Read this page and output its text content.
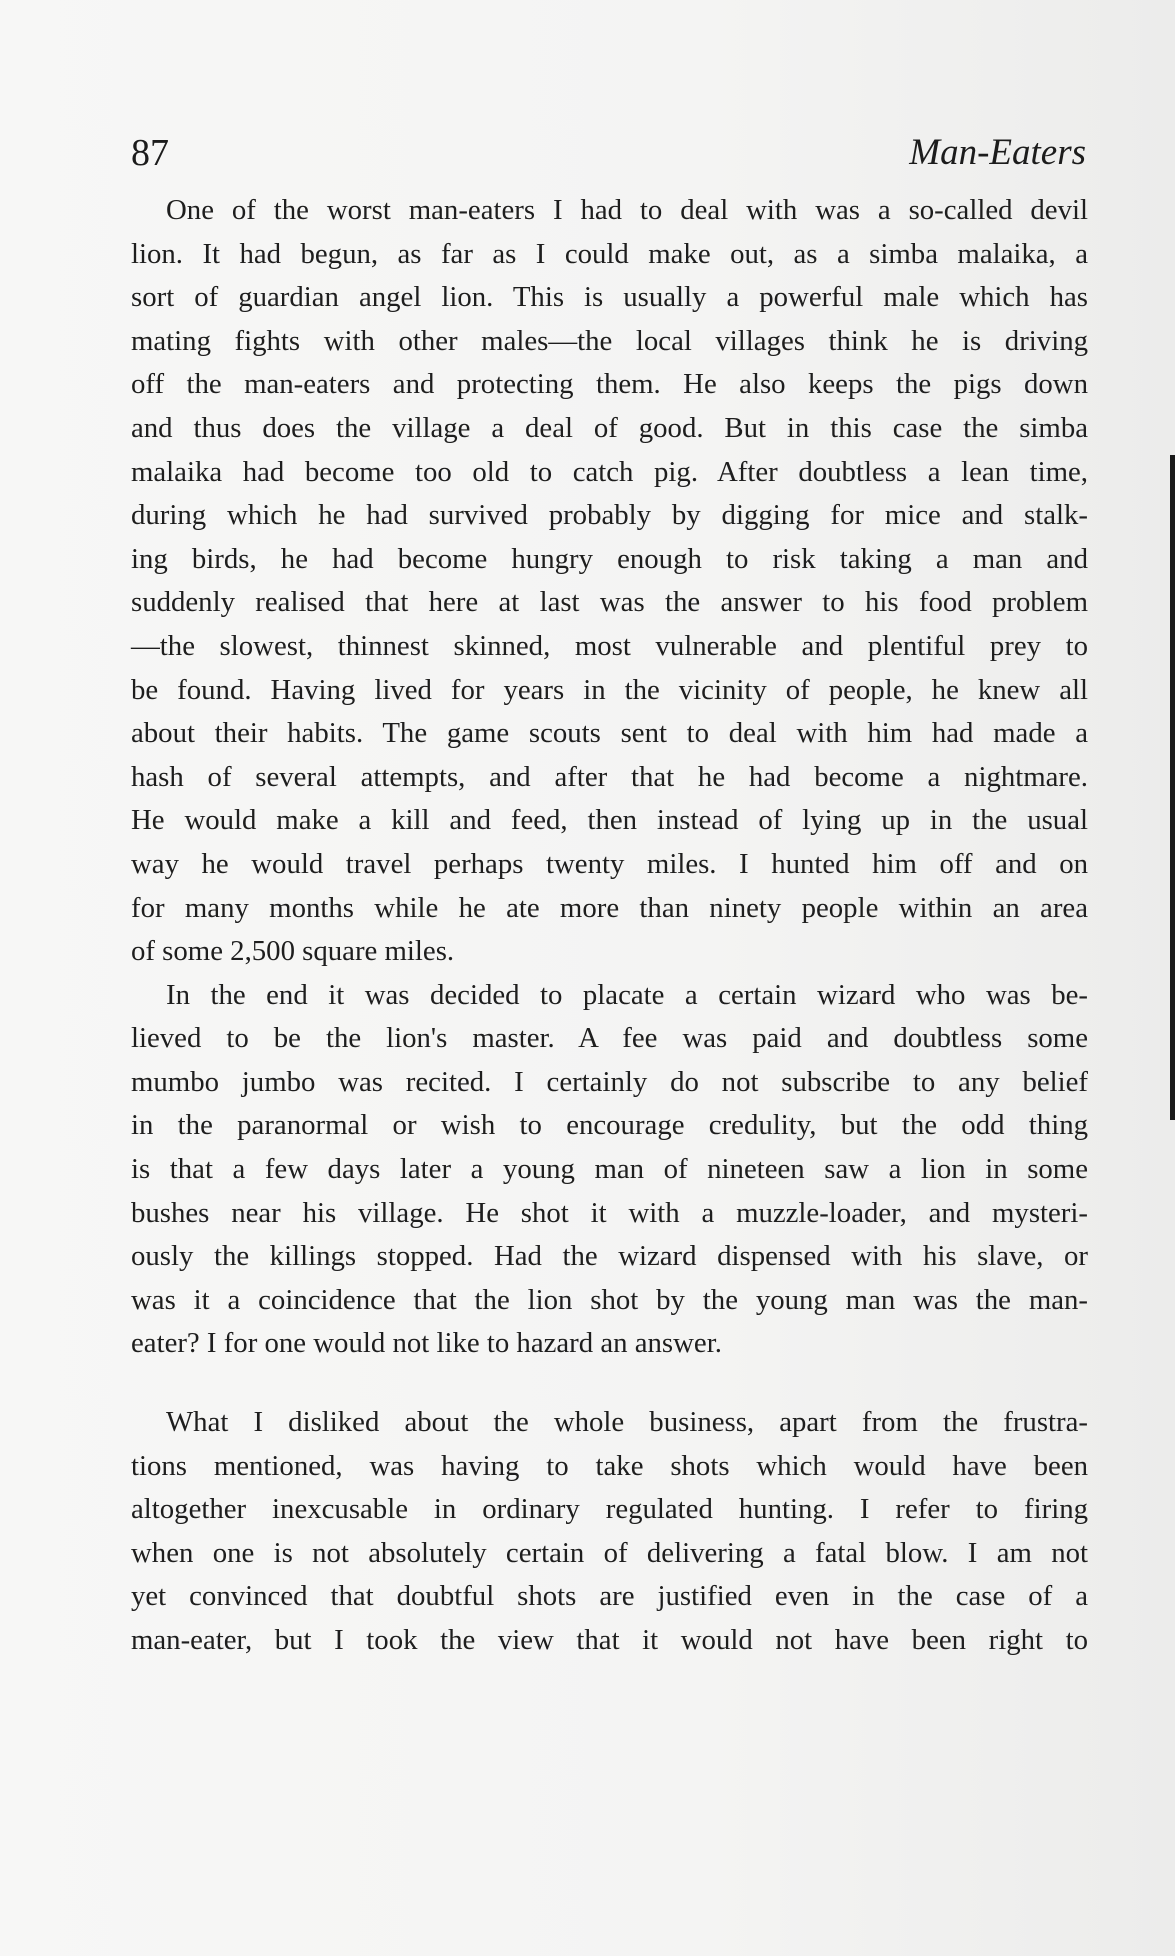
87	Man-Eaters
One of the worst man-eaters I had to deal with was a so-called devil
lion. It had begun, as far as I could make out, as a simba malaika, a
sort of guardian angel lion. This is usually a powerful male which has
mating fights with other males—the local villages think he is driving
off the man-eaters and protecting them. He also keeps the pigs down
and thus does the village a deal of good. But in this case the simba
malaika had become too old to catch pig. After doubtless a lean time,
during which he had survived probably by digging for mice and stalk-
ing birds, he had become hungry enough to risk taking a man and
suddenly realised that here at last was the answer to his food problem
—the slowest, thinnest skinned, most vulnerable and plentiful prey to
be found. Having lived for years in the vicinity of people, he knew all
about their habits. The game scouts sent to deal with him had made a
hash of several attempts, and after that he had become a nightmare.
He would make a kill and feed, then instead of lying up in the usual
way he would travel perhaps twenty miles. I hunted him off and on
for many months while he ate more than ninety people within an area
of some 2,500 square miles.
In the end it was decided to placate a certain wizard who was be-
lieved to be the lion's master. A fee was paid and doubtless some
mumbo jumbo was recited. I certainly do not subscribe to any belief
in the paranormal or wish to encourage credulity, but the odd thing
is that a few days later a young man of nineteen saw a lion in some
bushes near his village. He shot it with a muzzle-loader, and mysteri-
ously the killings stopped. Had the wizard dispensed with his slave, or
was it a coincidence that the lion shot by the young man was the man-
eater? I for one would not like to hazard an answer.
What I disliked about the whole business, apart from the frustra-
tions mentioned, was having to take shots which would have been
altogether inexcusable in ordinary regulated hunting. I refer to firing
when one is not absolutely certain of delivering a fatal blow. I am not
yet convinced that doubtful shots are justified even in the case of a
man-eater, but I took the view that it would not have been right to
